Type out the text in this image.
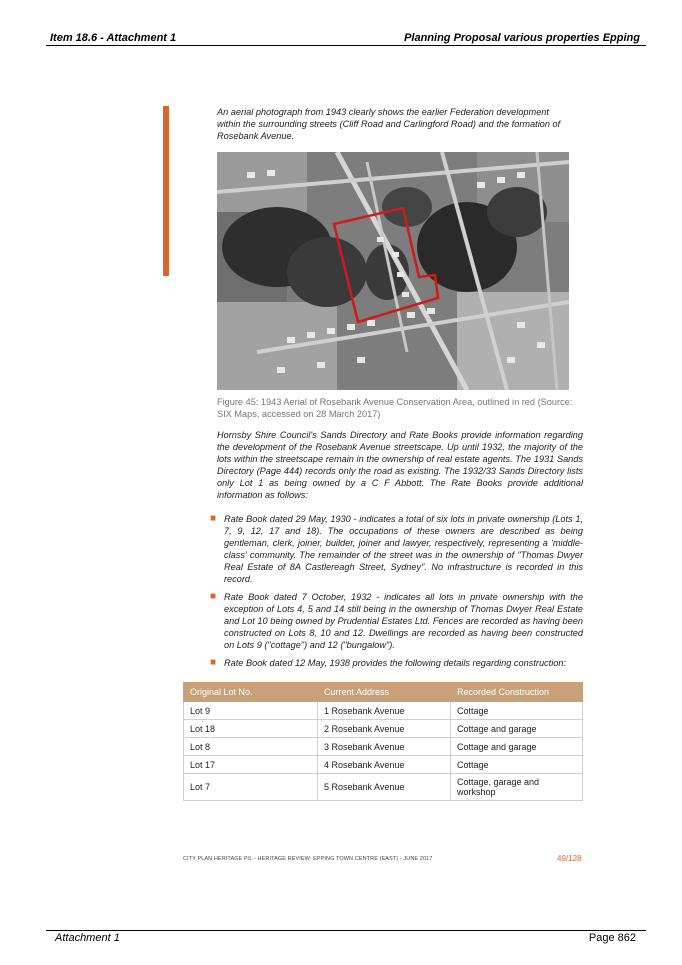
Item 18.6 - Attachment 1	Planning Proposal various properties Epping
An aerial photograph from 1943 clearly shows the earlier Federation development within the surrounding streets (Cliff Road and Carlingford Road) and the formation of Rosebank Avenue.
Figure 45: 1943 Aerial of Rosebank Avenue Conservation Area, outlined in red (Source: SIX Maps, accessed on 28 March 2017)
Hornsby Shire Council's Sands Directory and Rate Books provide information regarding the development of the Rosebank Avenue streetscape. Up until 1932, the majority of the lots within the streetscape remain in the ownership of real estate agents. The 1931 Sands Directory (Page 444) records only the road as existing. The 1932/33 Sands Directory lists only Lot 1 as being owned by a C F Abbott. The Rate Books provide additional information as follows:
■ Rate Book dated 29 May, 1930 - indicates a total of six lots in private ownership (Lots 1, 7, 9, 12, 17 and 18). The occupations of these owners are described as being gentleman, clerk, joiner, builder, joiner and lawyer, respectively, representing a 'middle-class' community. The remainder of the street was in the ownership of "Thomas Dwyer Real Estate of 8A Castlereagh Street, Sydney". No infrastructure is recorded in this record.
■ Rate Book dated 7 October, 1932 - indicates all lots in private ownership with the exception of Lots 4, 5 and 14 still being in the ownership of Thomas Dwyer Real Estate and Lot 10 being owned by Prudential Estates Ltd. Fences are recorded as having been constructed on Lots 8, 10 and 12. Dwellings are recorded as having been constructed on Lots 9 ("cottage") and 12 ("bungalow").
■ Rate Book dated 12 May, 1938 provides the following details regarding construction:
Original Lot No.	Current Address	Recorded Construction
Lot 9	1 Rosebank Avenue	Cottage
Lot 18	2 Rosebank Avenue	Cottage and garage
Lot 8	3 Rosebank Avenue	Cottage and garage
Lot 17	4 Rosebank Avenue	Cottage
Lot 7	5 Rosebank Avenue	Cottage, garage and workshop
CITY PLAN HERITAGE P/L - HERITAGE REVIEW: EPPING TOWN CENTRE (EAST) - JUNE 2017	49/128
Attachment 1	Page 862
